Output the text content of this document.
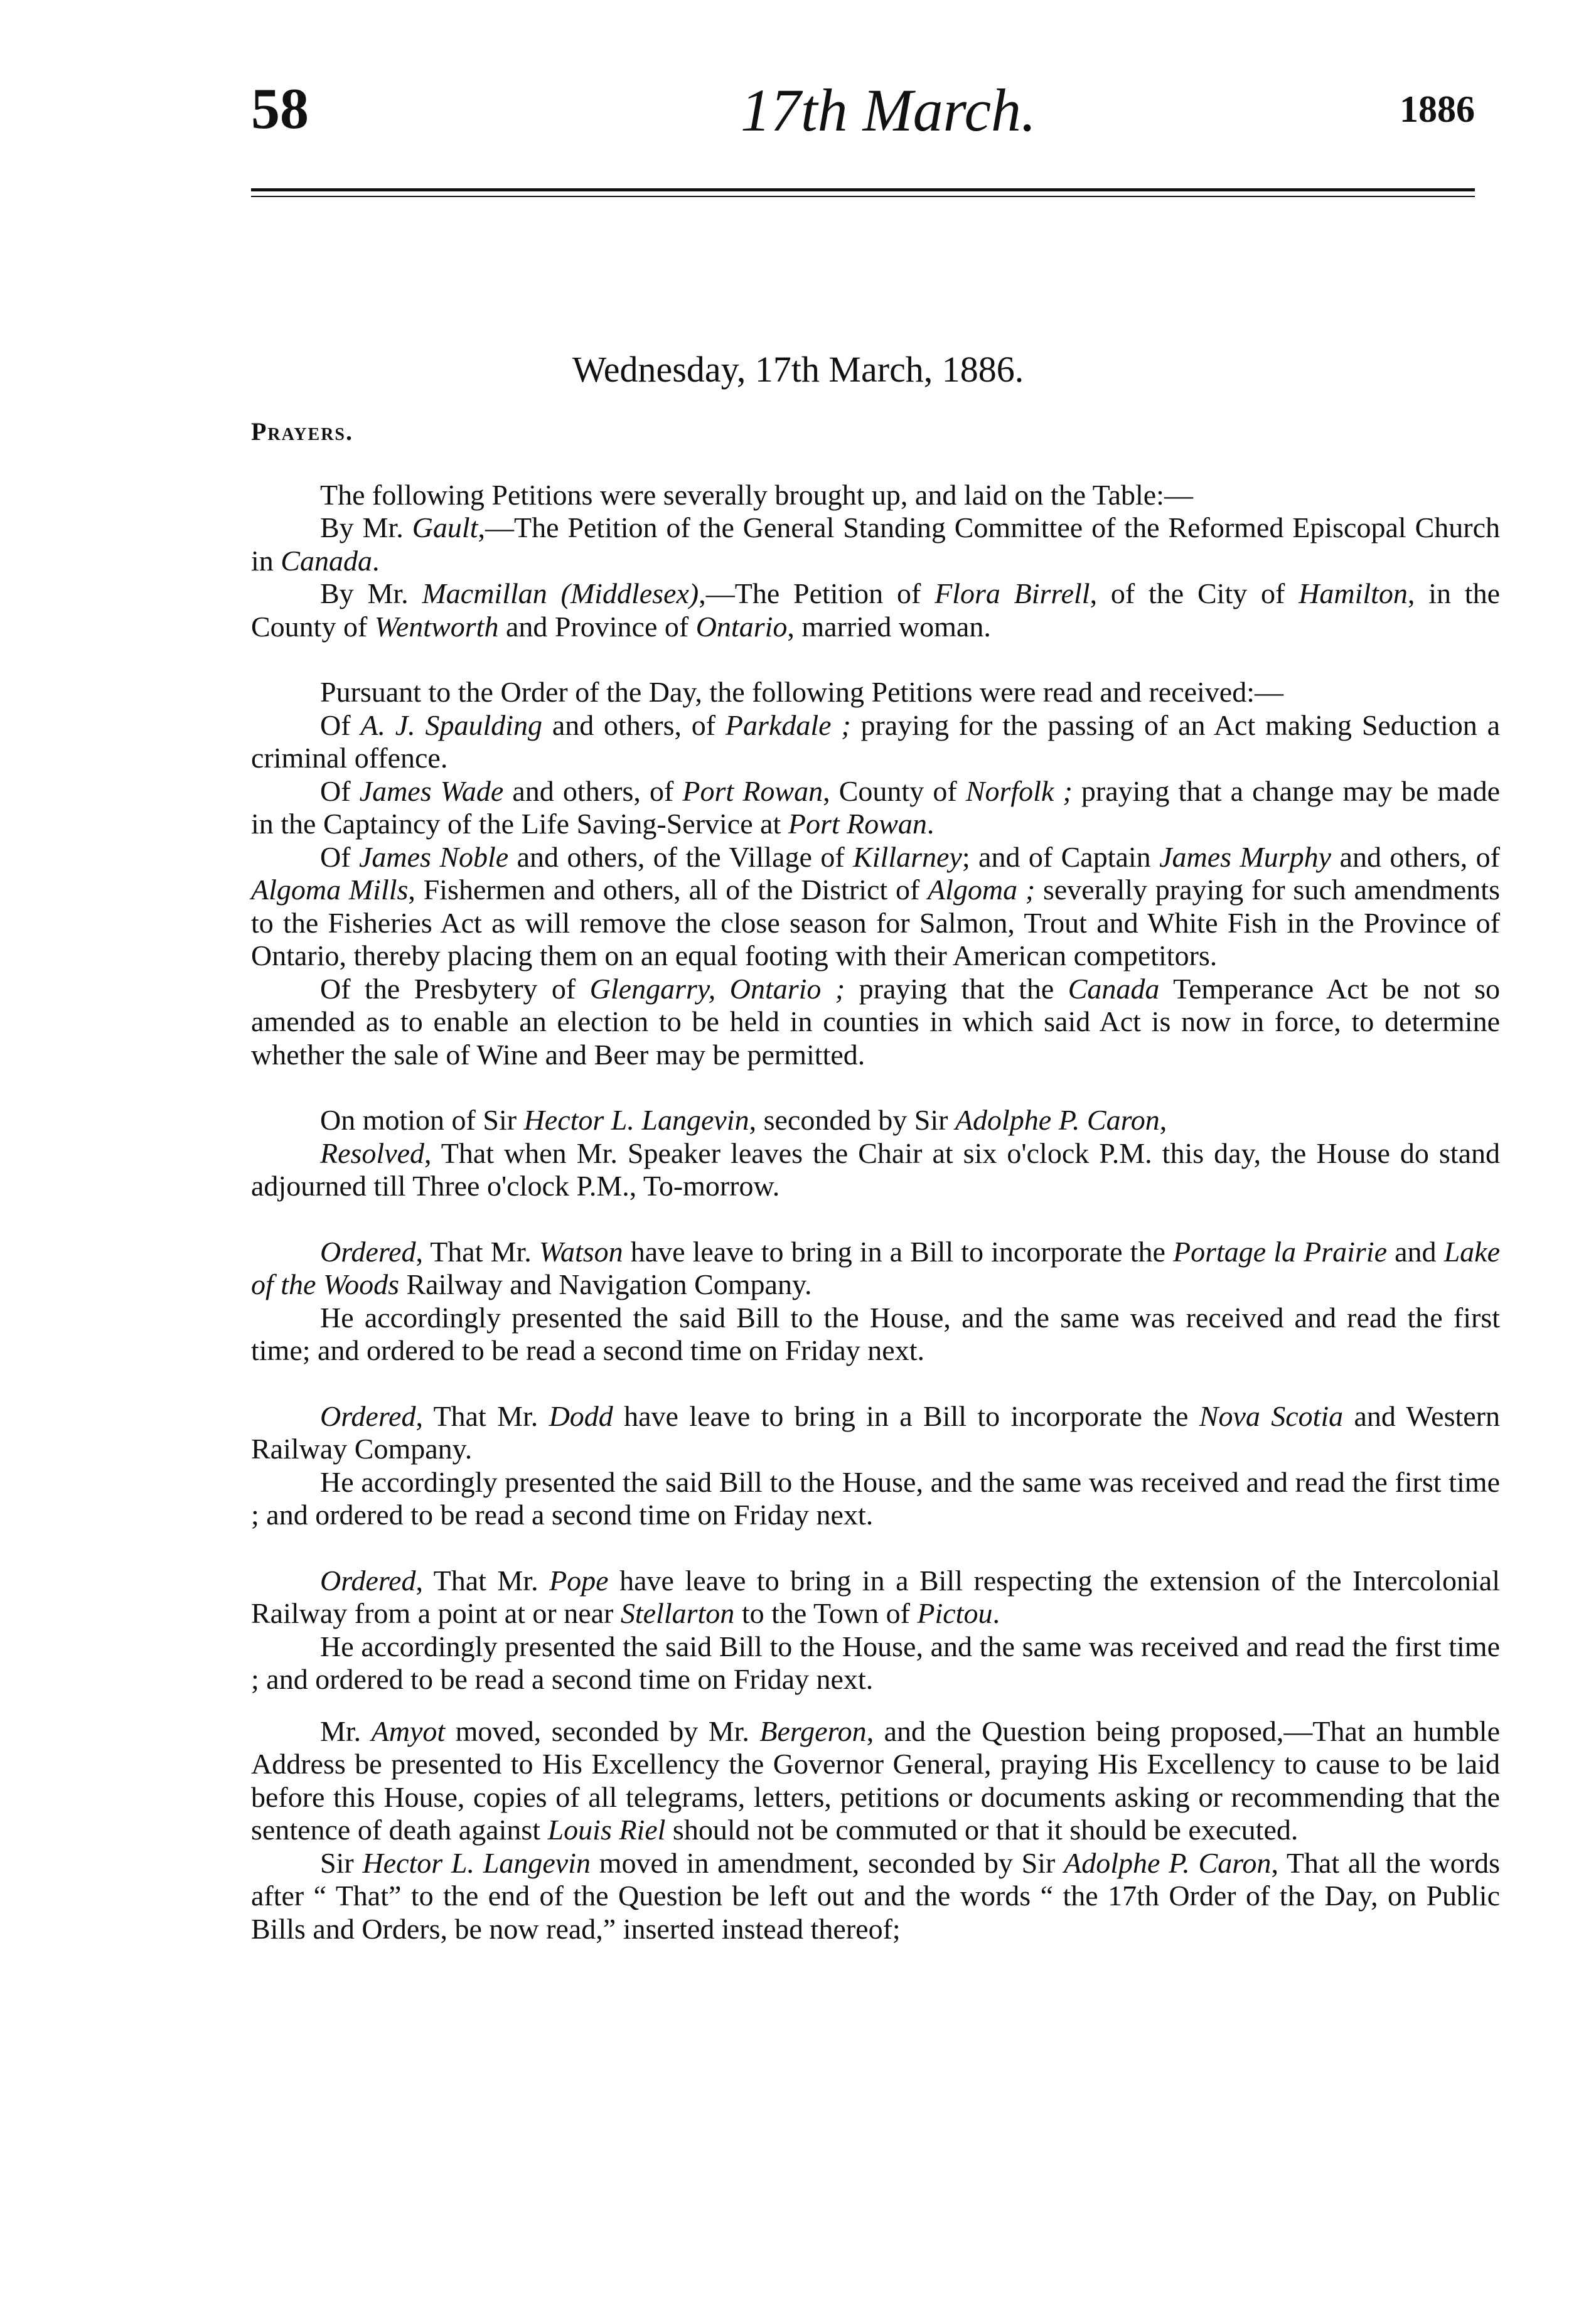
58	17th March.	1886
Wednesday, 17th March, 1886.

Prayers.

The following Petitions were severally brought up, and laid on the Table:—

By Mr. Gault,—The Petition of the General Standing Committee of the Reformed Episcopal Church in Canada.

By Mr. Macmillan (Middlesex),—The Petition of Flora Birrell, of the City of Hamilton, in the County of Wentworth and Province of Ontario, married woman.

Pursuant to the Order of the Day, the following Petitions were read and received:—

Of A. J. Spaulding and others, of Parkdale ; praying for the passing of an Act making Seduction a criminal offence.

Of James Wade and others, of Port Rowan, County of Norfolk ; praying that a change may be made in the Captaincy of the Life Saving-Service at Port Rowan.

Of James Noble and others, of the Village of Killarney; and of Captain James Murphy and others, of Algoma Mills, Fishermen and others, all of the District of Algoma ; severally praying for such amendments to the Fisheries Act as will remove the close season for Salmon, Trout and White Fish in the Province of Ontario, thereby placing them on an equal footing with their American competitors.

Of the Presbytery of Glengarry, Ontario ; praying that the Canada Temperance Act be not so amended as to enable an election to be held in counties in which said Act is now in force, to determine whether the sale of Wine and Beer may be permitted.

On motion of Sir Hector L. Langevin, seconded by Sir Adolphe P. Caron,

Resolved, That when Mr. Speaker leaves the Chair at six o'clock P.M. this day, the House do stand adjourned till Three o'clock P.M., To-morrow.

Ordered, That Mr. Watson have leave to bring in a Bill to incorporate the Portage la Prairie and Lake of the Woods Railway and Navigation Company.

He accordingly presented the said Bill to the House, and the same was received and read the first time; and ordered to be read a second time on Friday next.

Ordered, That Mr. Dodd have leave to bring in a Bill to incorporate the Nova Scotia and Western Railway Company.

He accordingly presented the said Bill to the House, and the same was received and read the first time ; and ordered to be read a second time on Friday next.

Ordered, That Mr. Pope have leave to bring in a Bill respecting the extension of the Intercolonial Railway from a point at or near Stellarton to the Town of Pictou.

He accordingly presented the said Bill to the House, and the same was received and read the first time ; and ordered to be read a second time on Friday next.

Mr. Amyot moved, seconded by Mr. Bergeron, and the Question being proposed,—That an humble Address be presented to His Excellency the Governor General, praying His Excellency to cause to be laid before this House, copies of all telegrams, letters, petitions or documents asking or recommending that the sentence of death against Louis Riel should not be commuted or that it should be executed.

Sir Hector L. Langevin moved in amendment, seconded by Sir Adolphe P. Caron, That all the words after “ That” to the end of the Question be left out and the words “ the 17th Order of the Day, on Public Bills and Orders, be now read,” inserted instead thereof;
